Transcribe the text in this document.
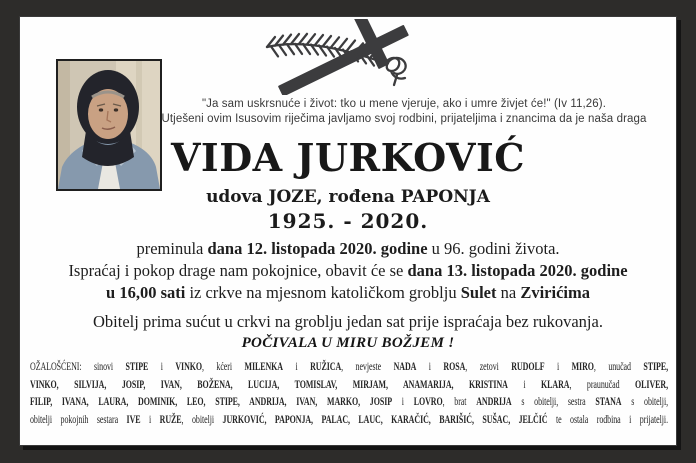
"Ja sam uskrsnuće i život: tko u mene vjeruje, ako i umre živjet će!" (Iv 11,26).
Utješeni ovim Isusovim riječima javljamo svoj rodbini, prijateljima i znancima da je naša draga
VIDA JURKOVIĆ
udova JOZE, rođena PAPONJA
1925. - 2020.
preminula dana 12. listopada 2020. godine u 96. godini života.
Ispraćaj i pokop drage nam pokojnice, obavit će se dana 13. listopada 2020. godine
u 16,00 sati iz crkve na mjesnom katoličkom groblju Sulet na Zvirićima
Obitelj prima sućut u crkvi na groblju jedan sat prije ispraćaja bez rukovanja.
POČIVALA U MIRU BOŽJEM !
OŽALOŠĆENI: sinovi STIPE i VINKO, kćeri MILENKA i RUŽICA, nevjeste NADA i ROSA, zetovi RUDOLF i MIRO, unučad STIPE,
VINKO, SILVIJA, JOSIP, IVAN, BOŽENA, LUCIJA, TOMISLAV, MIRJAM, ANAMARIJA, KRISTINA i KLARA, praunučad OLIVER,
FILIP, IVANA, LAURA, DOMINIK, LEO, STIPE, ANDRIJA, IVAN, MARKO, JOSIP i LOVRO, brat ANDRIJA s obitelji, sestra STANA s obitelji,
obitelji pokojnih sestara IVE i RUŽE, obitelji JURKOVIĆ, PAPONJA, PALAC, LAUC, KARAČIĆ, BARIŠIĆ, SUŠAC, JELČIĆ te ostala rodbina i prijatelji.
